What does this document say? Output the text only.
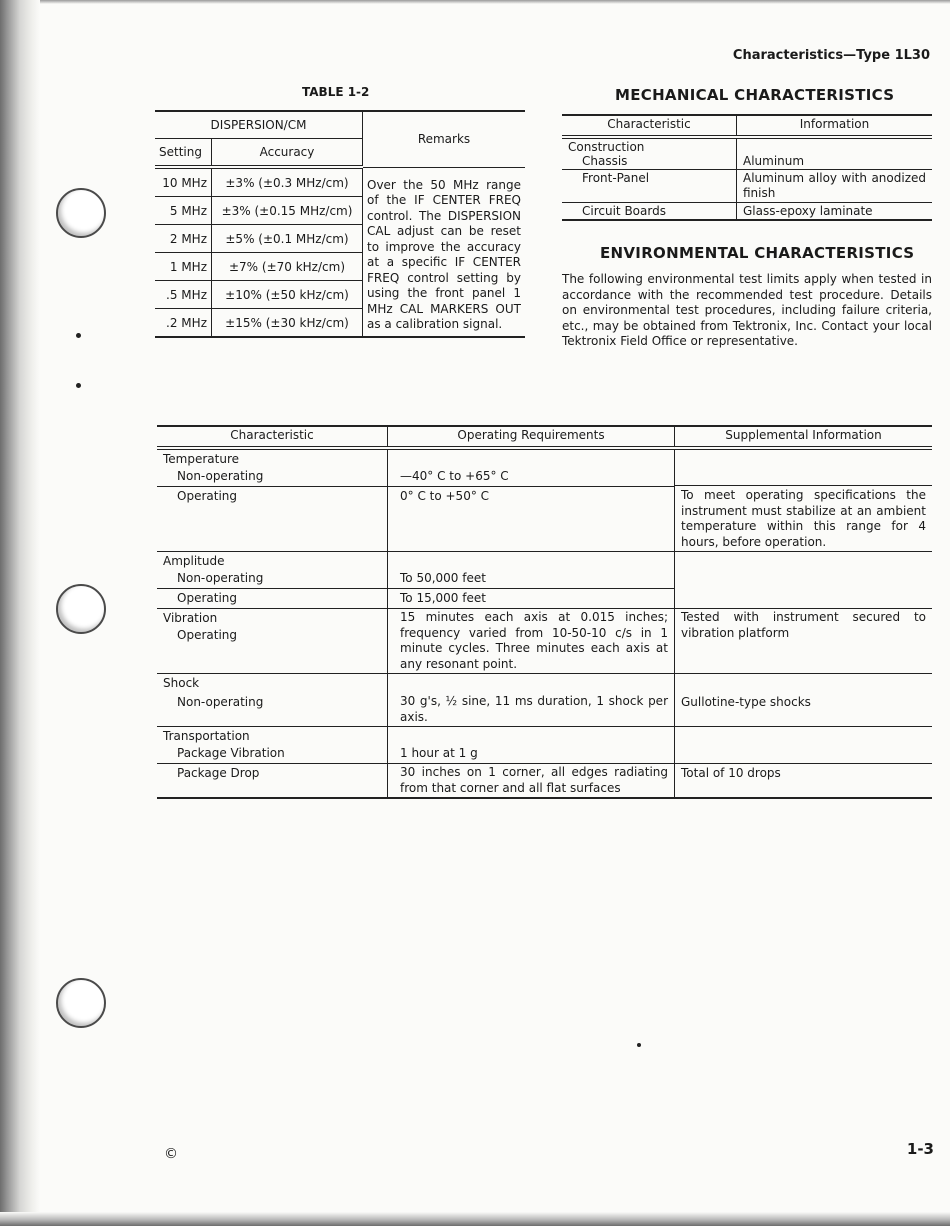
Characteristics—Type 1L30
TABLE 1-2
DISPERSION/CM		Remarks
Setting	Accuracy	
10 MHz	±3% (±0.3 MHz/cm)	Over the 50 MHz range of the IF CENTER FREQ control. The DISPERSION CAL adjust can be reset to improve the accuracy at a specific IF CENTER FREQ control setting by using the front panel 1 MHz CAL MARKERS OUT as a calibration signal.
5 MHz	±3% (±0.15 MHz/cm)	
2 MHz	±5% (±0.1 MHz/cm)	
1 MHz	±7% (±70 kHz/cm)	
.5 MHz	±10% (±50 kHz/cm)	
.2 MHz	±15% (±30 kHz/cm)	
MECHANICAL CHARACTERISTICS
Characteristic	Information

Construction
Chassis	Aluminum
Front-Panel	Aluminum alloy with anodized finish
Circuit Boards	Glass-epoxy laminate
ENVIRONMENTAL CHARACTERISTICS
The following environmental test limits apply when tested in accordance with the recommended test procedure. Details on environmental test procedures, including failure criteria, etc., may be obtained from Tektronix, Inc. Contact your local Tektronix Field Office or representative.
Characteristic	Operating Requirements	Supplemental Information

Temperature
Non-operating	—40° C to +65° C	To meet operating specifications the instrument must stabilize at an ambient temperature within this range for 4 hours, before operation.

Operating	0° C to +50° C	

Amplitude
Non-operating	To 50,000 feet	
Operating	To 15,000 feet	

Vibration
Operating	15 minutes each axis at 0.015 inches; frequency varied from 10-50-10 c/s in 1 minute cycles. Three minutes each axis at any resonant point.	Tested with instrument secured to vibration platform

Shock
Non-operating	30 g's, ½ sine, 11 ms duration, 1 shock per axis.	Gullotine-type shocks

Transportation
Package Vibration	1 hour at 1 g	
Package Drop	30 inches on 1 corner, all edges radiating from that corner and all flat surfaces	Total of 10 drops
©	1-3
